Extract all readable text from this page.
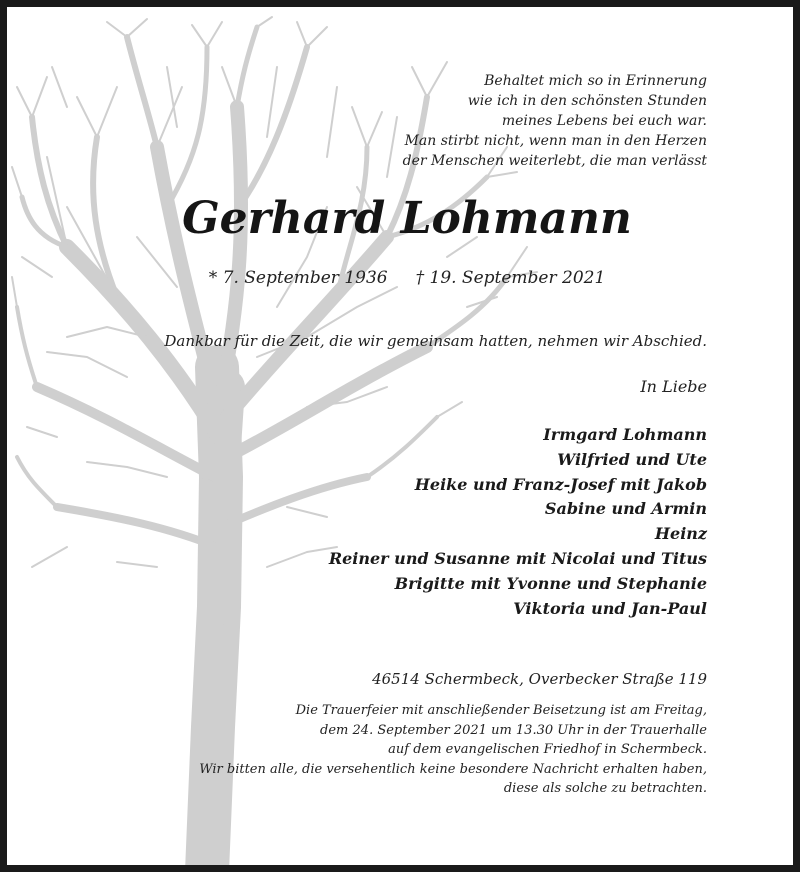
Behaltet mich so in Erinnerung
wie ich in den schönsten Stunden
meines Lebens bei euch war.
Man stirbt nicht, wenn man in den Herzen
der Menschen weiterlebt, die man verlässt
Gerhard Lohmann
* 7. September 1936 † 19. September 2021
Dankbar für die Zeit, die wir gemeinsam hatten, nehmen wir Abschied.
In Liebe
Irmgard Lohmann
Wilfried und Ute
Heike und Franz-Josef mit Jakob
Sabine und Armin
Heinz
Reiner und Susanne mit Nicolai und Titus
Brigitte mit Yvonne und Stephanie
Viktoria und Jan-Paul
46514 Schermbeck, Overbecker Straße 119
Die Trauerfeier mit anschließender Beisetzung ist am Freitag,
dem 24. September 2021 um 13.30 Uhr in der Trauerhalle
auf dem evangelischen Friedhof in Schermbeck.
Wir bitten alle, die versehentlich keine besondere Nachricht erhalten haben,
diese als solche zu betrachten.
